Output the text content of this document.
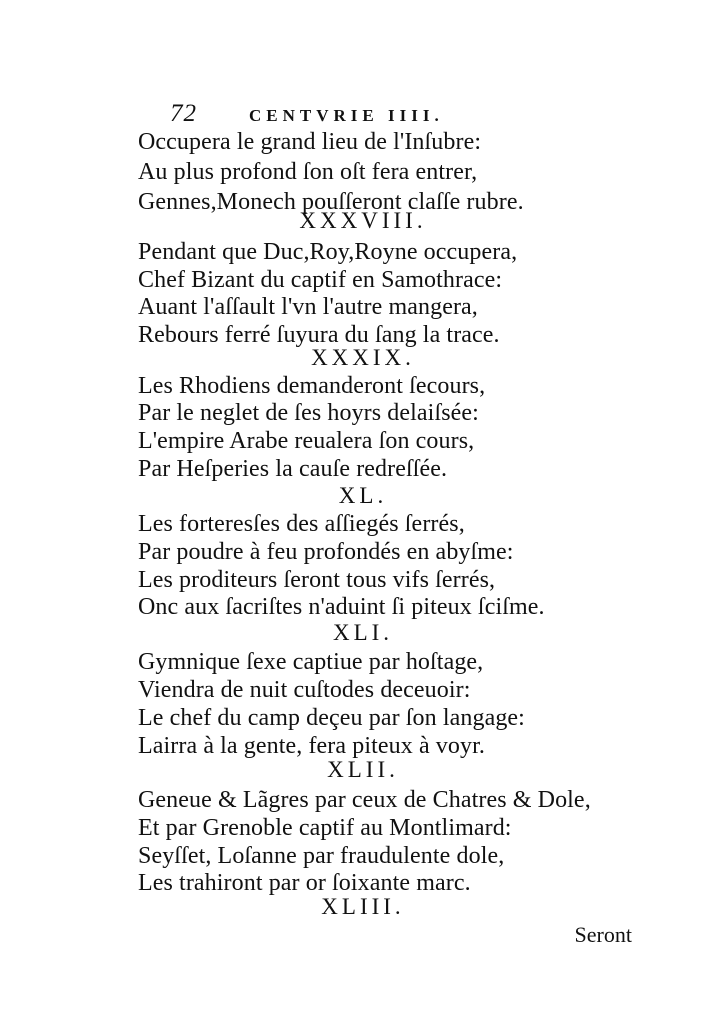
72	CENTVRIE IIII.
Occupera le grand lieu de l'Inſubre:
Au plus profond ſon oſt fera entrer,
Gennes,Monech pouſſeront claſſe rubre.
XXXVIII.
Pendant que Duc,Roy,Royne occupera,
Chef Bizant du captif en Samothrace:
Auant l'aſſault l'vn l'autre mangera,
Rebours ferré ſuyura du ſang la trace.
XXXIX.
Les Rhodiens demanderont ſecours,
Par le neglet de ſes hoyrs delaiſsée:
L'empire Arabe reualera ſon cours,
Par Heſperies la cauſe redreſſée.
XL.
Les forteresſes des aſſiegés ſerrés,
Par poudre à feu profondés en abyſme:
Les proditeurs ſeront tous vifs ſerrés,
Onc aux ſacriſtes n'aduint ſi piteux ſciſme.
XLI.
Gymnique ſexe captiue par hoſtage,
Viendra de nuit cuſtodes deceuoir:
Le chef du camp deçeu par ſon langage:
Lairra à la gente, fera piteux à voyr.
XLII.
Geneue & Lãgres par ceux de Chatres & Dole,
Et par Grenoble captif au Montlimard:
Seyſſet, Loſanne par fraudulente dole,
Les trahiront par or ſoixante marc.
XLIII.
Seront
